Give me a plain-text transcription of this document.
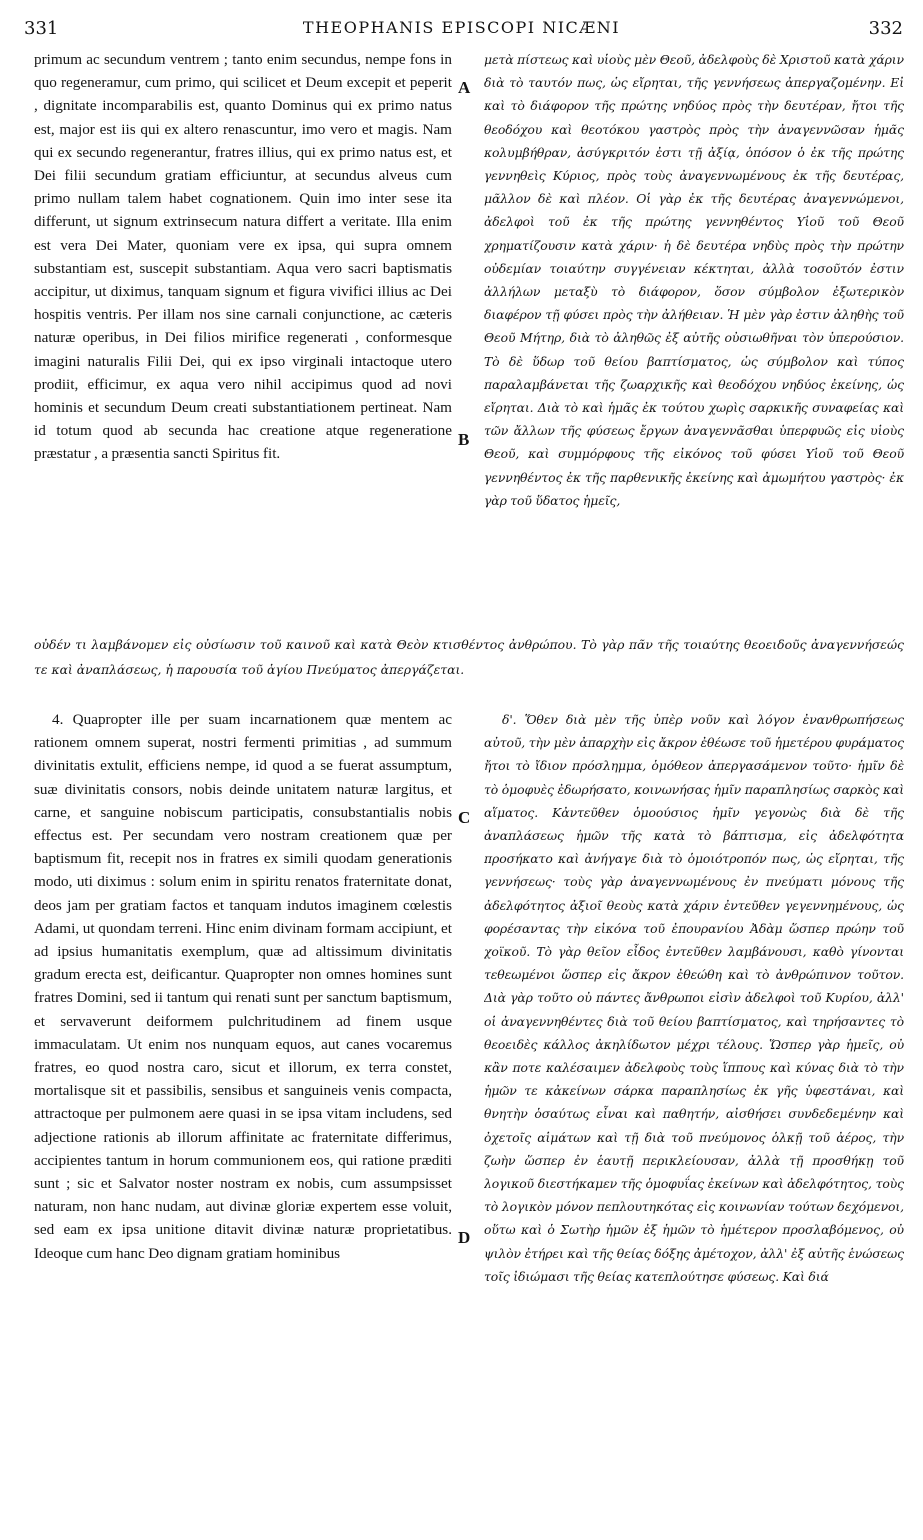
331	THEOPHANIS EPISCOPI NICÆNI	332

primum ac secundum ventrem ; tanto enim secundus, nempe fons in quo regeneramur, cum primo, qui scilicet et Deum excepit et peperit , dignitate incomparabilis est, quanto Dominus qui ex primo natus est, major est iis qui ex altero renascuntur, imo vero et magis. Nam qui ex secundo regenerantur, fratres illius, qui ex primo natus est, et Dei filii secundum gratiam efficiuntur, at secundus alveus cum primo nullam talem habet cognationem. Quin imo inter sese ita differunt, ut signum extrinsecum natura differt a veritate. Illa enim est vera Dei Mater, quoniam vere ex ipsa, qui supra omnem substantiam est, suscepit substantiam. Aqua vero sacri baptismatis accipitur, ut diximus, tanquam signum et figura vivifici illius ac Dei hospitis ventris. Per illam nos sine carnali conjunctione, ac cæteris naturæ operibus, in Dei filios mirifice regenerati , conformesque imagini naturalis Filii Dei, qui ex ipso virginali intactoque utero prodiit, efficimur, ex aqua vero nihil accipimus quod ad novi hominis et secundum Deum creati substantiationem pertineat. Nam id totum quod ab secunda hac creatione atque regeneratione præstatur , a præsentia sancti Spiritus fit.

μετὰ πίστεως καὶ υἱοὺς μὲν Θεοῦ, ἀδελφοὺς δὲ Χριστοῦ κατὰ χάριν διὰ τὸ ταυτόν πως, ὡς εἴρηται, τῆς γεννήσεως ἀπεργαζομένην. Εἰ καὶ τὸ διάφορον τῆς πρώτης νηδύος πρὸς τὴν δευτέραν, ἤτοι τῆς θεοδόχου καὶ θεοτόκου γαστρὸς πρὸς τὴν ἀναγεννῶσαν ἡμᾶς κολυμβήθραν, ἀσύγκριτόν ἐστι τῇ ἀξίᾳ, ὁπόσον ὁ ἐκ τῆς πρώτης γεννηθεὶς Κύριος, πρὸς τοὺς ἀναγεννωμένους ἐκ τῆς δευτέρας, μᾶλλον δὲ καὶ πλέον. Οἱ γὰρ ἐκ τῆς δευτέρας ἀναγεννώμενοι, ἀδελφοὶ τοῦ ἐκ τῆς πρώτης γεννηθέντος Υἱοῦ τοῦ Θεοῦ χρηματίζουσιν κατὰ χάριν· ἡ δὲ δευτέρα νηδὺς πρὸς τὴν πρώτην οὐδεμίαν τοιαύτην συγγένειαν κέκτηται, ἀλλὰ τοσοῦτόν ἐστιν ἀλλήλων μεταξὺ τὸ διάφορον, ὅσον σύμβολον ἐξωτερικὸν διαφέρον τῇ φύσει πρὸς τὴν ἀλήθειαν. Ἡ μὲν γὰρ ἐστιν ἀληθὴς τοῦ Θεοῦ Μήτηρ, διὰ τὸ ἀληθῶς ἐξ αὐτῆς οὐσιωθῆναι τὸν ὑπερούσιον. Τὸ δὲ ὕδωρ τοῦ θείου βαπτίσματος, ὡς σύμβολον καὶ τύπος παραλαμβάνεται τῆς ζωαρχικῆς καὶ θεοδόχου νηδύος ἐκείνης, ὡς εἴρηται. Διὰ τὸ καὶ ἡμᾶς ἐκ τούτου χωρὶς σαρκικῆς συναφείας καὶ τῶν ἄλλων τῆς φύσεως ἔργων ἀναγεννᾶσθαι ὑπερφυῶς εἰς υἱοὺς Θεοῦ, καὶ συμμόρφους τῆς εἰκόνος τοῦ φύσει Υἱοῦ τοῦ Θεοῦ γεννηθέντος ἐκ τῆς παρθενικῆς ἐκείνης καὶ ἀμωμήτου γαστρὸς· ἐκ γὰρ τοῦ ὕδατος ἡμεῖς,

οὐδέν τι λαμβάνομεν εἰς οὐσίωσιν τοῦ καινοῦ καὶ κατὰ Θεὸν κτισθέντος ἀνθρώπου. Τὸ γὰρ πᾶν τῆς τοιαύτης θεοειδοῦς ἀναγεννήσεώς τε καὶ ἀναπλάσεως, ἡ παρουσία τοῦ ἁγίου Πνεύματος ἀπεργάζεται.

4. Quapropter ille per suam incarnationem quæ mentem ac rationem omnem superat, nostri fermenti primitias , ad summum divinitatis extulit, efficiens nempe, id quod a se fuerat assumptum, suæ divinitatis consors, nobis deinde unitatem naturæ largitus, et carne, et sanguine nobiscum participatis, consubstantialis nobis effectus est. Per secundam vero nostram creationem quæ per baptismum fit, recepit nos in fratres ex simili quodam generationis modo, uti diximus : solum enim in spiritu renatos fraternitate donat, deos jam per gratiam factos et tanquam indutos imaginem cœlestis Adami, ut quondam terreni. Hinc enim divinam formam accipiunt, et ad ipsius humanitatis exemplum, quæ ad altissimum divinitatis gradum erecta est, deificantur. Quapropter non omnes homines sunt fratres Domini, sed ii tantum qui renati sunt per sanctum baptismum, et servaverunt deiformem pulchritudinem ad finem usque immaculatam. Ut enim nos nunquam equos, aut canes vocaremus fratres, eo quod nostra caro, sicut et illorum, ex terra constet, mortalisque sit et passibilis, sensibus et sanguineis venis compacta, attractoque per pulmonem aere quasi in se ipsa vitam includens, sed adjectione rationis ab illorum affinitate ac fraternitate differimus, accipientes tantum in horum communionem eos, qui ratione præditi sunt ; sic et Salvator noster nostram ex nobis, cum assumpsisset naturam, non hanc nudam, aut divinæ gloriæ expertem esse voluit, sed eam ex ipsa unitione ditavit divinæ naturæ proprietatibus. Ideoque cum hanc Deo dignam gratiam hominibus

δ'. Ὅθεν διὰ μὲν τῆς ὑπὲρ νοῦν καὶ λόγον ἐνανθρωπήσεως αὐτοῦ, τὴν μὲν ἀπαρχὴν εἰς ἄκρον ἐθέωσε τοῦ ἡμετέρου φυράματος ἤτοι τὸ ἴδιον πρόσλημμα, ὁμόθεον ἀπεργασάμενον τοῦτο· ἡμῖν δὲ τὸ ὁμοφυὲς ἐδωρήσατο, κοινωνήσας ἡμῖν παραπλησίως σαρκὸς καὶ αἵματος. Κἀντεῦθεν ὁμοούσιος ἡμῖν γεγονὼς διὰ δὲ τῆς ἀναπλάσεως ἡμῶν τῆς κατὰ τὸ βάπτισμα, εἰς ἀδελφότητα προσήκατο καὶ ἀνήγαγε διὰ τὸ ὁμοιότροπόν πως, ὡς εἴρηται, τῆς γεννήσεως· τοὺς γὰρ ἀναγεννωμένους ἐν πνεύματι μόνους τῆς ἀδελφότητος ἀξιοῖ θεοὺς κατὰ χάριν ἐντεῦθεν γεγεννημένους, ὡς φορέσαντας τὴν εἰκόνα τοῦ ἐπουρανίου Ἀδὰμ ὥσπερ πρώην τοῦ χοϊκοῦ. Τὸ γὰρ θεῖον εἶδος ἐντεῦθεν λαμβάνουσι, καθὸ γίνονται τεθεωμένοι ὥσπερ εἰς ἄκρον ἐθεώθη καὶ τὸ ἀνθρώπινον τοῦτον. Διὰ γὰρ τοῦτο οὐ πάντες ἄνθρωποι εἰσὶν ἀδελφοὶ τοῦ Κυρίου, ἀλλ' οἱ ἀναγεννηθέντες διὰ τοῦ θείου βαπτίσματος, καὶ τηρήσαντες τὸ θεοειδὲς κάλλος ἀκηλίδωτον μέχρι τέλους. Ὥσπερ γὰρ ἡμεῖς, οὐ κἂν ποτε καλέσαιμεν ἀδελφοὺς τοὺς ἵππους καὶ κύνας διὰ τὸ τὴν ἡμῶν τε κἀκείνων σάρκα παραπλησίως ἐκ γῆς ὑφεστάναι, καὶ θνητὴν ὁσαύτως εἶναι καὶ παθητήν, αἰσθήσει συνδεδεμένην καὶ ὀχετοῖς αἱμάτων καὶ τῇ διὰ τοῦ πνεύμονος ὁλκῇ τοῦ ἀέρος, τὴν ζωὴν ὥσπερ ἐν ἑαυτῇ περικλείουσαν, ἀλλὰ τῇ προσθήκῃ τοῦ λογικοῦ διεστήκαμεν τῆς ὁμοφυΐας ἐκείνων καὶ ἀδελφότητος, τοὺς τὸ λογικὸν μόνον πεπλουτηκότας εἰς κοινωνίαν τούτων δεχόμενοι, οὕτω καὶ ὁ Σωτὴρ ἡμῶν ἐξ ἡμῶν τὸ ἡμέτερον προσλαβόμενος, οὐ ψιλὸν ἐτήρει καὶ τῆς θείας δόξης ἀμέτοχον, ἀλλ' ἐξ αὐτῆς ἑνώσεως τοῖς ἰδιώμασι τῆς θείας κατεπλούτησε φύσεως. Καὶ διά

A
B
C
D
